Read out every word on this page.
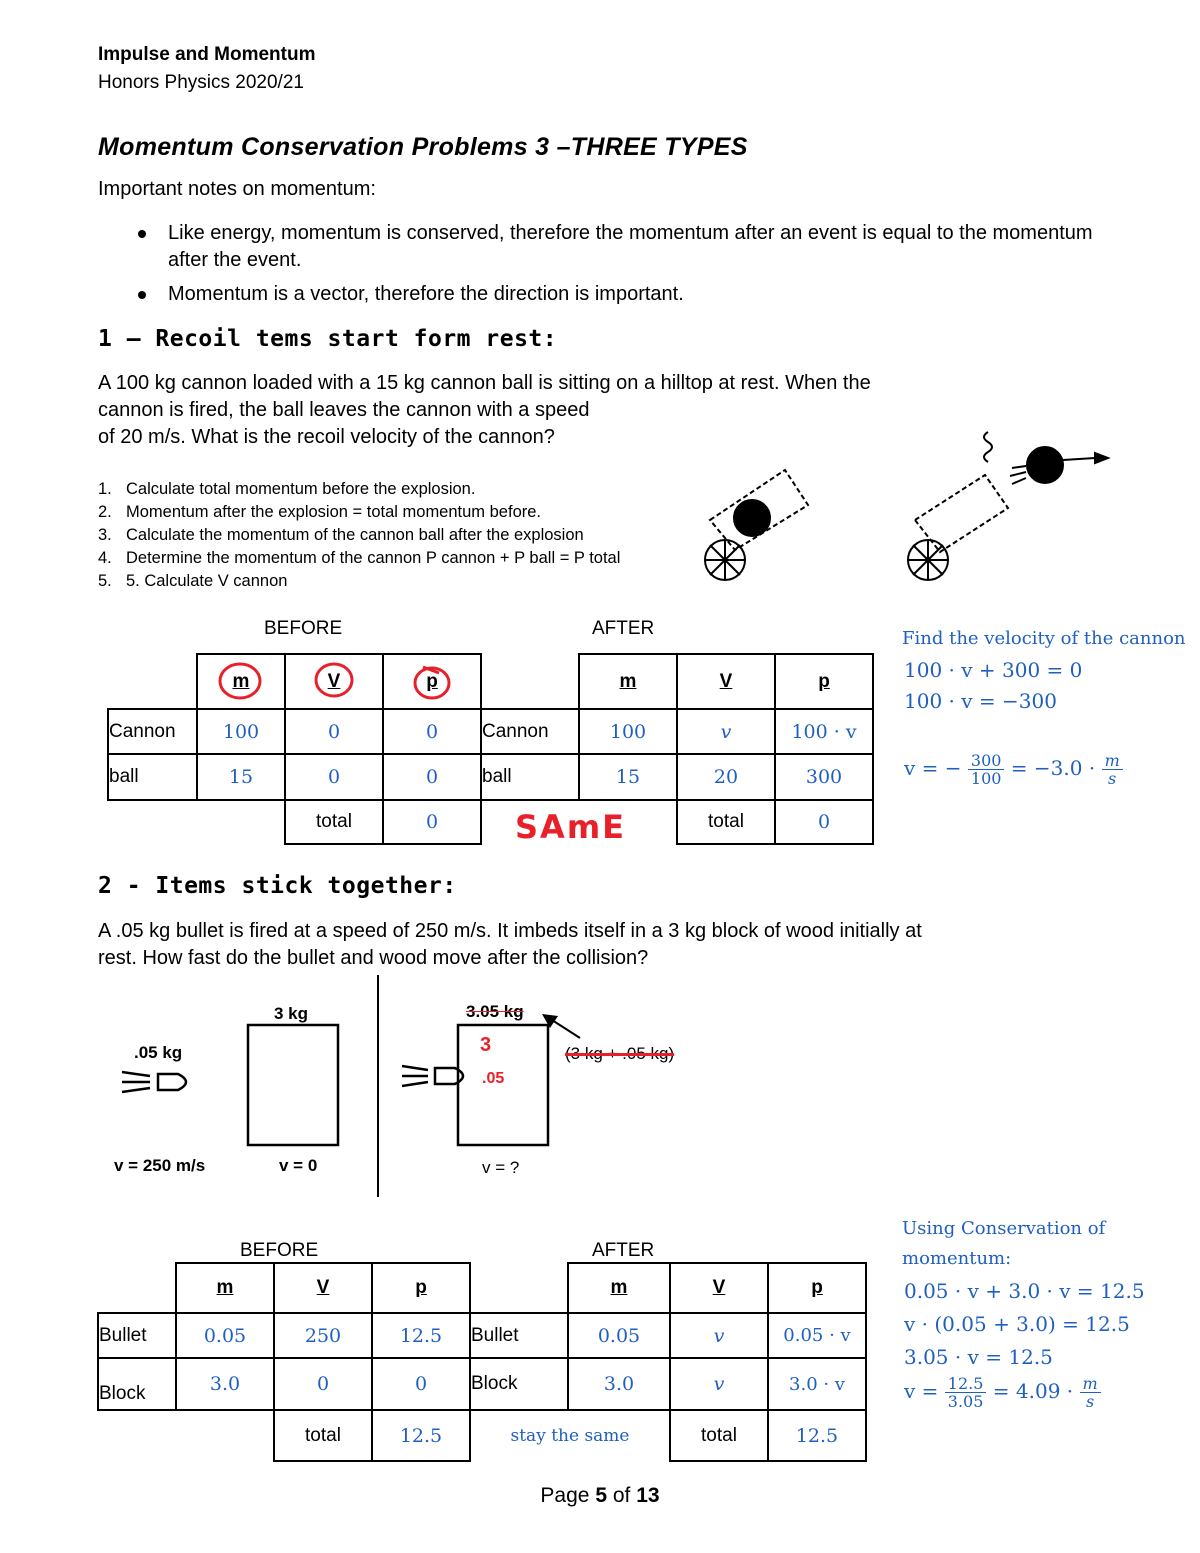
Impulse and Momentum
Honors Physics 2020/21
Momentum Conservation Problems 3 –THREE TYPES
Important notes on momentum:
Like energy, momentum is conserved, therefore the momentum after an event is equal to the momentum after the event.
Momentum is a vector, therefore the direction is important.
1 – Recoil tems start form rest:
A 100 kg cannon loaded with a 15 kg cannon ball is sitting on a hilltop at rest. When the
cannon is fired, the ball leaves the cannon with a speed
of 20 m/s. What is the recoil velocity of the cannon?
1. Calculate total momentum before the explosion.
2. Momentum after the explosion = total momentum before.
3. Calculate the momentum of the cannon ball after the explosion
4. Determine the momentum of the cannon P cannon + P ball = P total
5. 5. Calculate V cannon
BEFORE	AFTER
	m	V	p		m	V	p
Cannon	100	0	0	Cannon	100	v	100 · v
ball	15	0	0	ball	15	20	300
		total	0			total	0
SAmE
Find the velocity of the cannon
100 · v + 300 = 0
100 · v = −300
v = − $\frac{300}{100} = -3.0 \cdot \frac{m}{s}$
2 - Items stick together:
A .05 kg bullet is fired at a speed of 250 m/s. It imbeds itself in a 3 kg block of wood initially at
rest. How fast do the bullet and wood move after the collision?
3 kg
.05 kg
v = 250 m/s	v = 0	v = ?
3.05 kg
(3 kg + .05 kg)
3
.05
BEFORE	AFTER
	m	V	p		m	V	p
Bullet	0.05	250	12.5	Bullet	0.05	v	0.05 · v
Block	3.0	0	0	Block	3.0	v	3.0 · v
		total	12.5	stay the same		total	12.5
Using Conservation of
momentum:
0.05 · v + 3.0 · v = 12.5
v · (0.05 + 3.0) = 12.5
3.05 · v = 12.5
$v = \frac{12.5}{3.05} = 4.09 \cdot \frac{m}{s}$
Page 5 of 13
